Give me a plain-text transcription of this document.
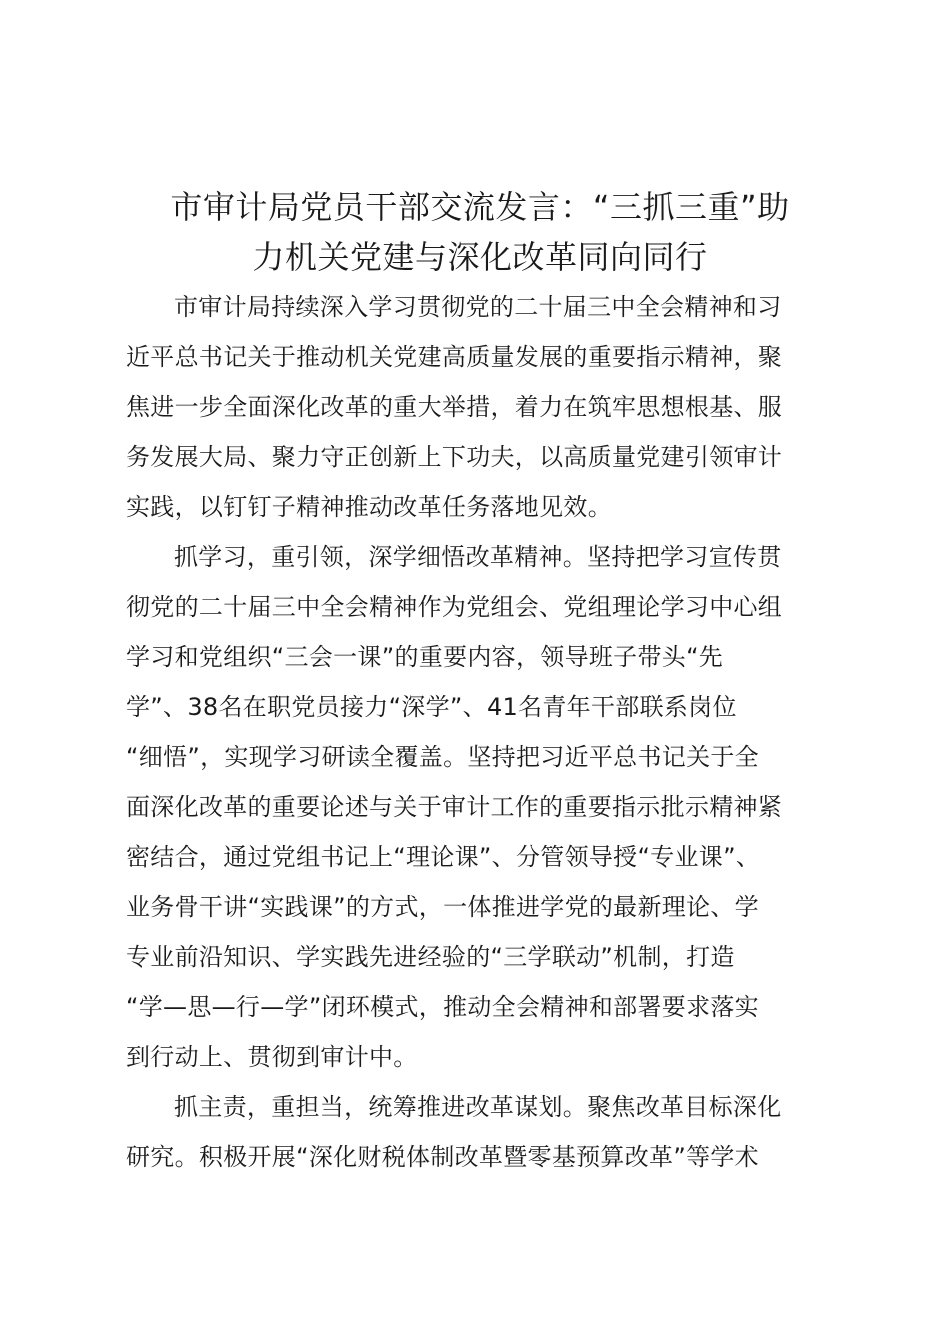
市审计局党员干部交流发言：“三抓三重”助
力机关党建与深化改革同向同行
市审计局持续深入学习贯彻党的二十届三中全会精神和习
近平总书记关于推动机关党建高质量发展的重要指示精神，聚
焦进一步全面深化改革的重大举措，着力在筑牢思想根基、服
务发展大局、聚力守正创新上下功夫，以高质量党建引领审计
实践，以钉钉子精神推动改革任务落地见效。
抓学习，重引领，深学细悟改革精神。坚持把学习宣传贯
彻党的二十届三中全会精神作为党组会、党组理论学习中心组
学习和党组织“三会一课”的重要内容，领导班子带头“先
学”、38名在职党员接力“深学”、41名青年干部联系岗位
“细悟”，实现学习研读全覆盖。坚持把习近平总书记关于全
面深化改革的重要论述与关于审计工作的重要指示批示精神紧
密结合，通过党组书记上“理论课”、分管领导授“专业课”、
业务骨干讲“实践课”的方式，一体推进学党的最新理论、学
专业前沿知识、学实践先进经验的“三学联动”机制，打造
“学—思—行—学”闭环模式，推动全会精神和部署要求落实
到行动上、贯彻到审计中。
抓主责，重担当，统筹推进改革谋划。聚焦改革目标深化
研究。积极开展“深化财税体制改革暨零基预算改革”等学术
